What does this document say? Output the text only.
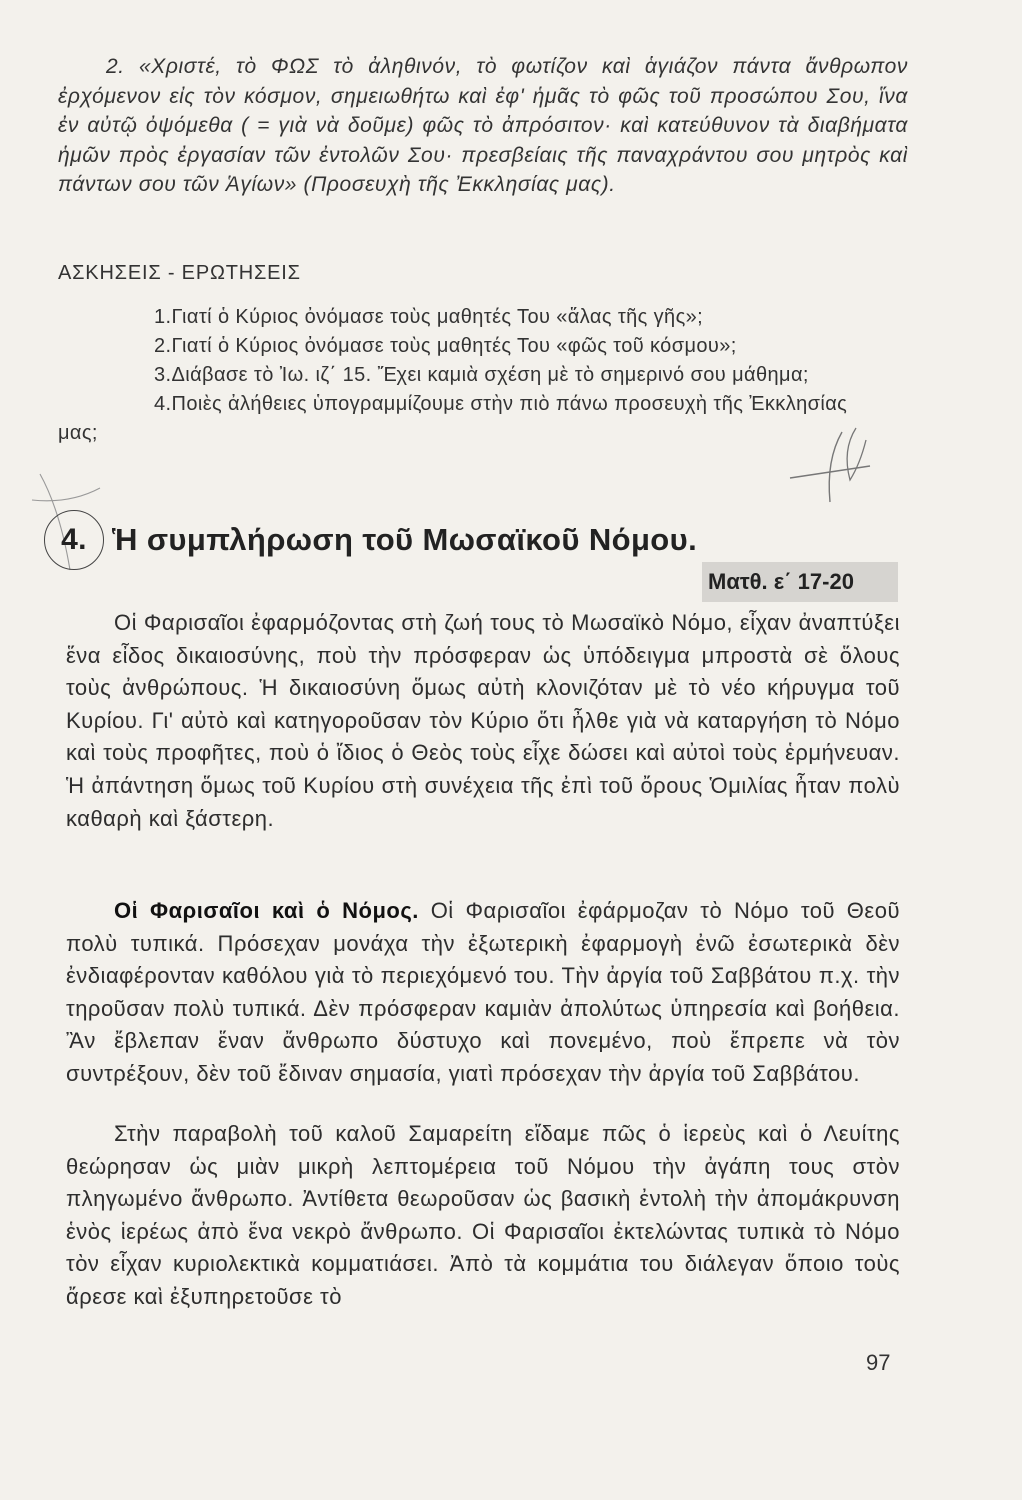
2. «Χριστέ, τὸ ΦΩΣ τὸ ἀληθινόν, τὸ φωτίζον καὶ ἁγιάζον πάντα ἄνθρωπον ἐρχόμενον εἰς τὸν κόσμον, σημειωθήτω καὶ ἐφ' ἡμᾶς τὸ φῶς τοῦ προσώπου Σου, ἵνα ἐν αὐτῷ ὀψόμεθα ( = γιὰ νὰ δοῦμε) φῶς τὸ ἀπρόσιτον· καὶ κατεύθυνον τὰ διαβήματα ἡμῶν πρὸς ἐργασίαν τῶν ἐντολῶν Σου· πρεσβείαις τῆς παναχράντου σου μητρὸς καὶ πάντων σου τῶν Ἁγίων» (Προσευχὴ τῆς Ἐκκλησίας μας).

ΑΣΚΗΣΕΙΣ - ΕΡΩΤΗΣΕΙΣ
1.Γιατί ὁ Κύριος ὀνόμασε τοὺς μαθητές Του «ἅλας τῆς γῆς»;
2.Γιατί ὁ Κύριος ὀνόμασε τοὺς μαθητές Του «φῶς τοῦ κόσμου»;
3.Διάβασε τὸ Ἰω. ιζ΄ 15. Ἔχει καμιὰ σχέση μὲ τὸ σημερινό σου μάθημα;
4.Ποιὲς ἀλήθειες ὑπογραμμίζουμε στὴν πιὸ πάνω προσευχὴ τῆς Ἐκκλησίας μας;
4. Ἡ συμπλήρωση τοῦ Μωσαϊκοῦ Νόμου.
Ματθ. ε΄ 17-20

Οἱ Φαρισαῖοι ἐφαρμόζοντας στὴ ζωή τους τὸ Μωσαϊκὸ Νόμο, εἶχαν ἀναπτύξει ἕνα εἶδος δικαιοσύνης, ποὺ τὴν πρόσφεραν ὡς ὑπόδειγμα μπροστὰ σὲ ὅλους τοὺς ἀνθρώπους. Ἡ δικαιοσύνη ὅμως αὐτὴ κλονιζόταν μὲ τὸ νέο κήρυγμα τοῦ Κυρίου. Γι' αὐτὸ καὶ κατηγοροῦσαν τὸν Κύριο ὅτι ἦλθε γιὰ νὰ καταργήση τὸ Νόμο καὶ τοὺς προφῆτες, ποὺ ὁ ἴδιος ὁ Θεὸς τοὺς εἶχε δώσει καὶ αὐτοὶ τοὺς ἑρμήνευαν. Ἡ ἀπάντηση ὅμως τοῦ Κυρίου στὴ συνέχεια τῆς ἐπὶ τοῦ ὄρους Ὁμιλίας ἦταν πολὺ καθαρὴ καὶ ξάστερη.

Οἱ Φαρισαῖοι καὶ ὁ Νόμος. Οἱ Φαρισαῖοι ἐφάρμοζαν τὸ Νόμο τοῦ Θεοῦ πολὺ τυπικά. Πρόσεχαν μονάχα τὴν ἐξωτερικὴ ἐφαρμογὴ ἐνῶ ἐσωτερικὰ δὲν ἐνδιαφέρονταν καθόλου γιὰ τὸ περιεχόμενό του. Τὴν ἀργία τοῦ Σαββάτου π.χ. τὴν τηροῦσαν πολὺ τυπικά. Δὲν πρόσφεραν καμιὰν ἀπολύτως ὑπηρεσία καὶ βοήθεια. Ἂν ἔβλεπαν ἕναν ἄνθρωπο δύστυχο καὶ πονεμένο, ποὺ ἔπρεπε νὰ τὸν συντρέξουν, δὲν τοῦ ἔδιναν σημασία, γιατὶ πρόσεχαν τὴν ἀργία τοῦ Σαββάτου.

Στὴν παραβολὴ τοῦ καλοῦ Σαμαρείτη εἴδαμε πῶς ὁ ἱερεὺς καὶ ὁ Λευίτης θεώρησαν ὡς μιὰν μικρὴ λεπτομέρεια τοῦ Νόμου τὴν ἀγάπη τους στὸν πληγωμένο ἄνθρωπο. Ἀντίθετα θεωροῦσαν ὡς βασικὴ ἐντολὴ τὴν ἀπομάκρυνση ἑνὸς ἱερέως ἀπὸ ἕνα νεκρὸ ἄνθρωπο. Οἱ Φαρισαῖοι ἐκτελώντας τυπικὰ τὸ Νόμο τὸν εἶχαν κυριολεκτικὰ κομματιάσει. Ἀπὸ τὰ κομμάτια του διάλεγαν ὅποιο τοὺς ἄρεσε καὶ ἐξυπηρετοῦσε τὸ

97
